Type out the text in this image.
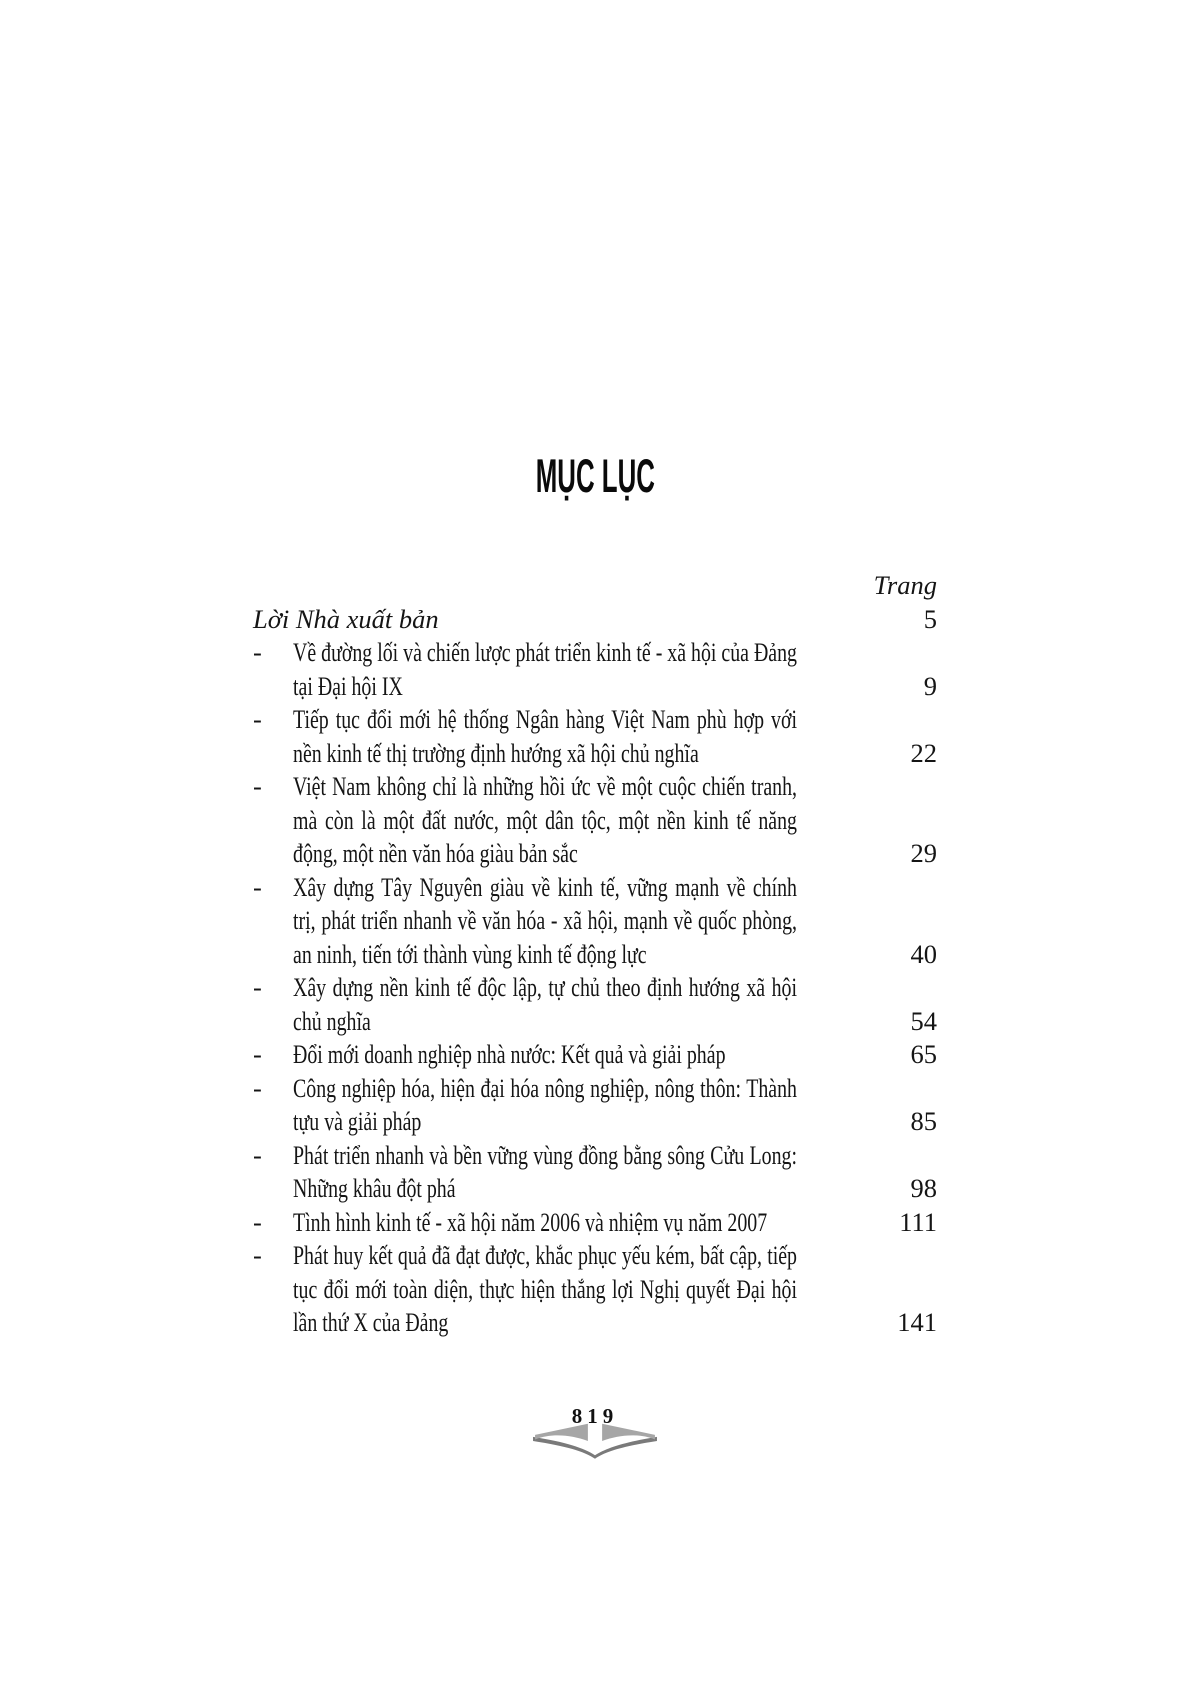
MỤC LỤC
Trang
Lời Nhà xuất bản	5
-	Về đường lối và chiến lược phát triển kinh tế - xã hội của Đảng tại Đại hội IX	9
-	Tiếp tục đổi mới hệ thống Ngân hàng Việt Nam phù hợp với nền kinh tế thị trường định hướng xã hội chủ nghĩa	22
-	Việt Nam không chỉ là những hồi ức về một cuộc chiến tranh, mà còn là một đất nước, một dân tộc, một nền kinh tế năng động, một nền văn hóa giàu bản sắc	29
-	Xây dựng Tây Nguyên giàu về kinh tế, vững mạnh về chính trị, phát triển nhanh về văn hóa - xã hội, mạnh về quốc phòng, an ninh, tiến tới thành vùng kinh tế động lực	40
-	Xây dựng nền kinh tế độc lập, tự chủ theo định hướng xã hội chủ nghĩa	54
-	Đổi mới doanh nghiệp nhà nước: Kết quả và giải pháp	65
-	Công nghiệp hóa, hiện đại hóa nông nghiệp, nông thôn: Thành tựu và giải pháp	85
-	Phát triển nhanh và bền vững vùng đồng bằng sông Cửu Long: Những khâu đột phá	98
-	Tình hình kinh tế - xã hội năm 2006 và nhiệm vụ năm 2007	111
-	Phát huy kết quả đã đạt được, khắc phục yếu kém, bất cập, tiếp tục đổi mới toàn diện, thực hiện thắng lợi Nghị quyết Đại hội lần thứ X của Đảng	141
819
